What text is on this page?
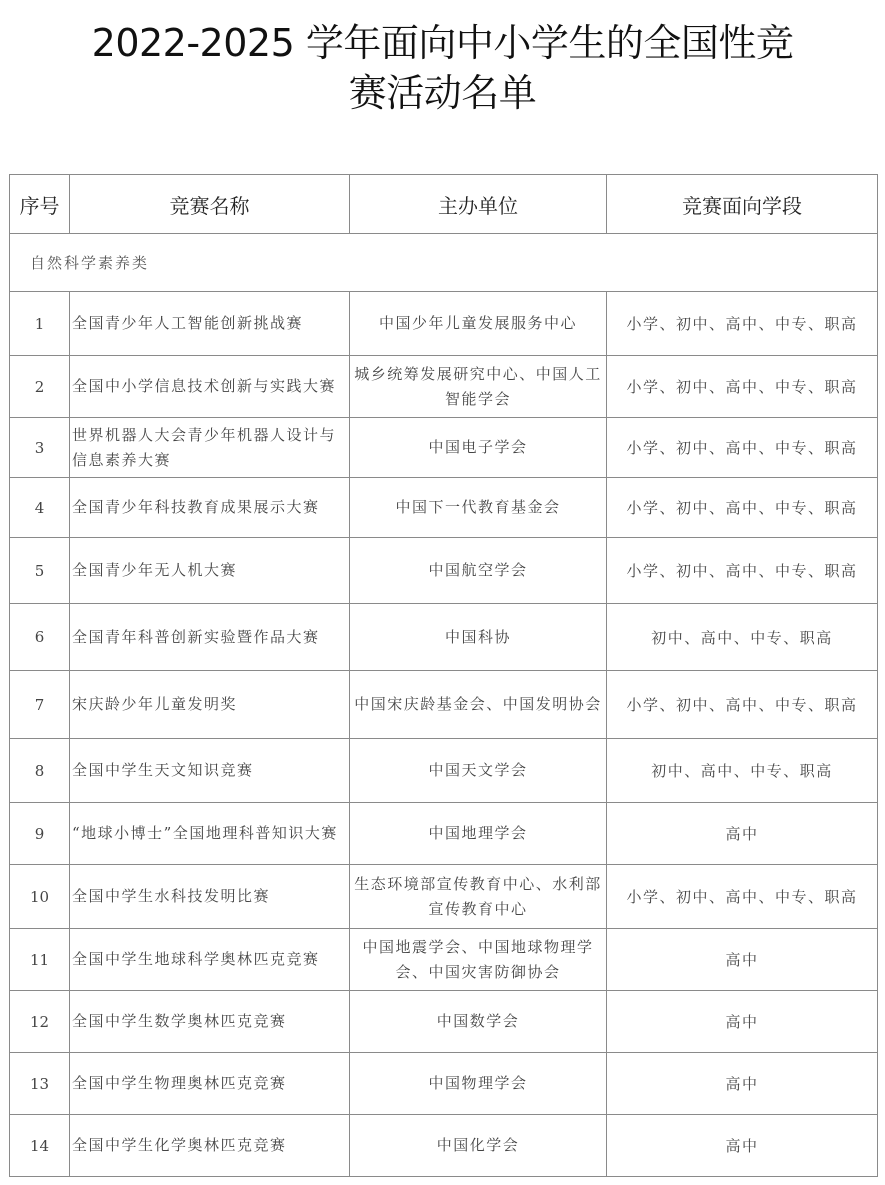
2022-2025 学年面向中小学生的全国性竞
赛活动名单
序号	竞赛名称	主办单位	竞赛面向学段
自然科学素养类			
1	全国青少年人工智能创新挑战赛	中国少年儿童发展服务中心	小学、初中、高中、中专、职高
2	全国中小学信息技术创新与实践大赛	城乡统筹发展研究中心、中国人工智能学会	小学、初中、高中、中专、职高
3	世界机器人大会青少年机器人设计与信息素养大赛	中国电子学会	小学、初中、高中、中专、职高
4	全国青少年科技教育成果展示大赛	中国下一代教育基金会	小学、初中、高中、中专、职高
5	全国青少年无人机大赛	中国航空学会	小学、初中、高中、中专、职高
6	全国青年科普创新实验暨作品大赛	中国科协	初中、高中、中专、职高
7	宋庆龄少年儿童发明奖	中国宋庆龄基金会、中国发明协会	小学、初中、高中、中专、职高
8	全国中学生天文知识竞赛	中国天文学会	初中、高中、中专、职高
9	“地球小博士”全国地理科普知识大赛	中国地理学会	高中
10	全国中学生水科技发明比赛	生态环境部宣传教育中心、水利部宣传教育中心	小学、初中、高中、中专、职高
11	全国中学生地球科学奥林匹克竞赛	中国地震学会、中国地球物理学会、中国灾害防御协会	高中
12	全国中学生数学奥林匹克竞赛	中国数学会	高中
13	全国中学生物理奥林匹克竞赛	中国物理学会	高中
14	全国中学生化学奥林匹克竞赛	中国化学会	高中
